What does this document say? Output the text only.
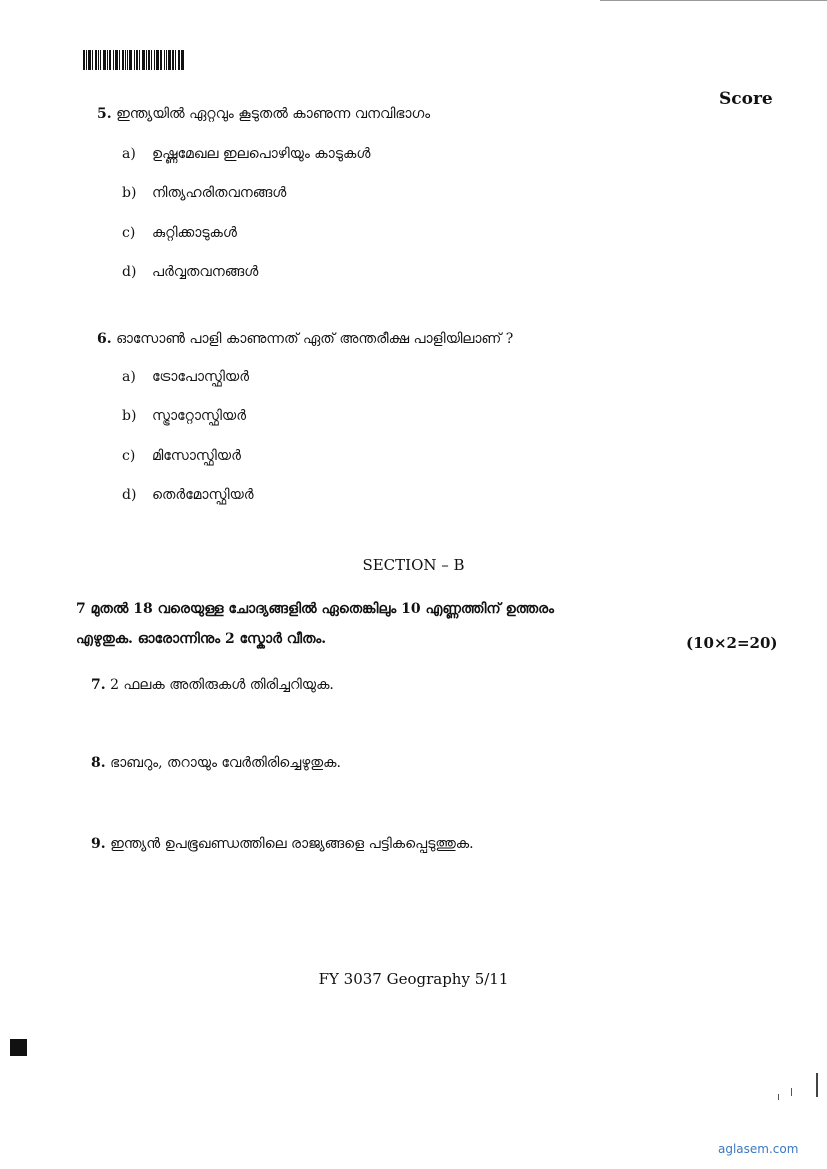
Score
5. ഇന്ത്യയിൽ ഏറ്റവും കൂടുതൽ കാണുന്ന വനവിഭാഗം
a) ഉഷ്ണമേഖല ഇലപൊഴിയും കാടുകൾ
b) നിത്യഹരിതവനങ്ങൾ
c) കുറ്റിക്കാടുകൾ
d) പർവ്വതവനങ്ങൾ
6. ഓസോൺ പാളി കാണുന്നത് ഏത് അന്തരീക്ഷ പാളിയിലാണ് ?
a) ട്രോപോസ്ഫിയർ
b) സ്ട്രാറ്റോസ്ഫിയർ
c) മിസോസ്ഫിയർ
d) തെർമോസ്ഫിയർ
SECTION – B
7 മുതൽ 18 വരെയുള്ള ചോദ്യങ്ങളിൽ ഏതെങ്കിലും 10 എണ്ണത്തിന് ഉത്തരം
എഴുതുക. ഓരോന്നിനും 2 സ്കോർ വീതം.	(10×2=20)
7. 2 ഫലക അതിരുകൾ തിരിച്ചറിയുക.
8. ഭാബറും, തറായും വേർതിരിച്ചെഴുതുക.
9. ഇന്ത്യൻ ഉപഭൂഖണ്ഡത്തിലെ രാജ്യങ്ങളെ പട്ടികപ്പെടുത്തുക.
FY 3037 Geography 5/11
aglasem.com
